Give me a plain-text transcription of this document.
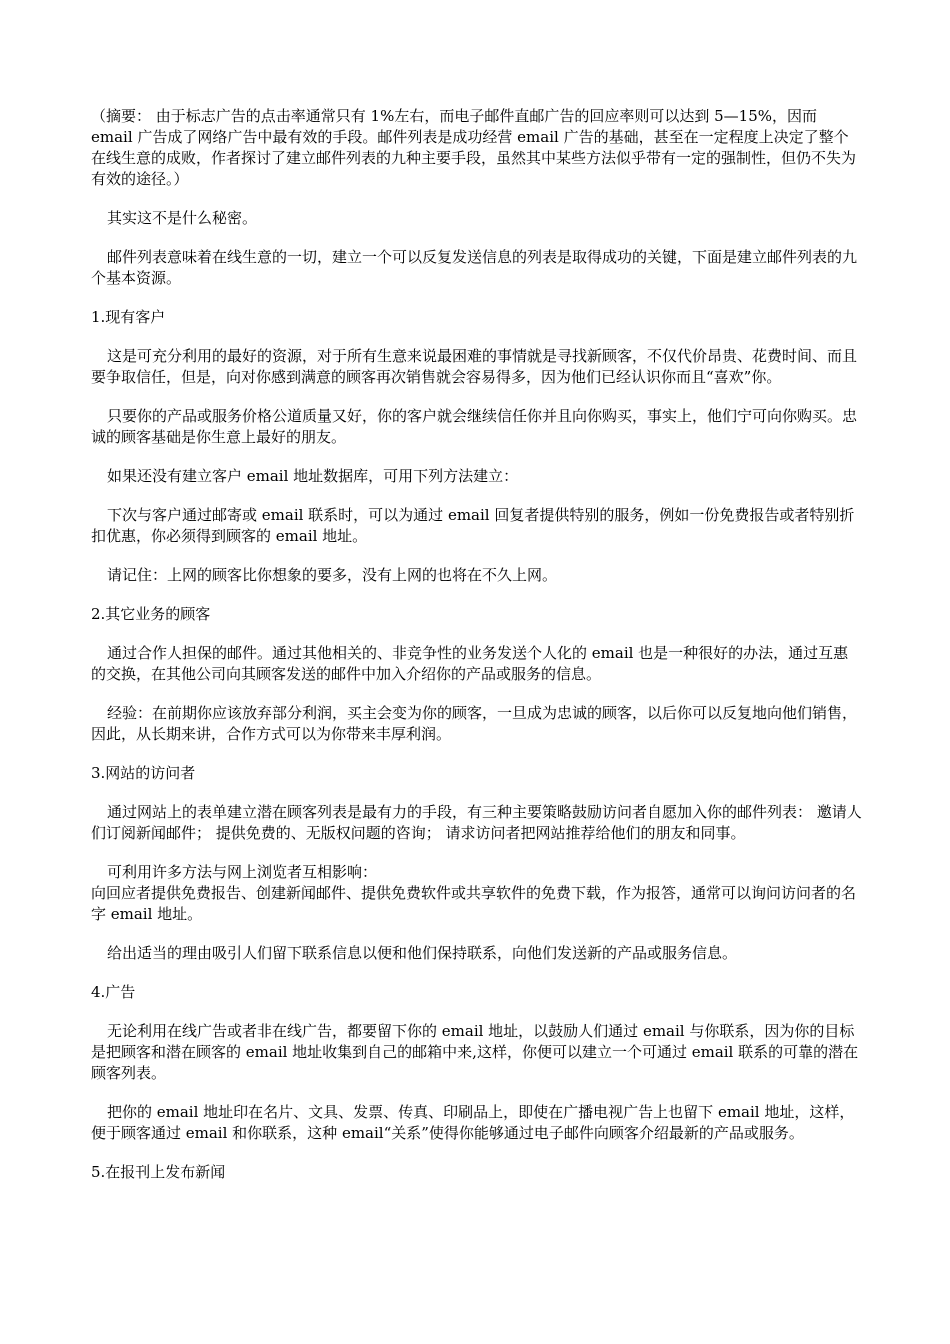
（摘要： 由于标志广告的点击率通常只有 1%左右，而电子邮件直邮广告的回应率则可以达到 5—15%，因而 email 广告成了网络广告中最有效的手段。邮件列表是成功经营 email 广告的基础，甚至在一定程度上决定了整个在线生意的成败，作者探讨了建立邮件列表的九种主要手段，虽然其中某些方法似乎带有一定的强制性，但仍不失为有效的途径。）

其实这不是什么秘密。

邮件列表意味着在线生意的一切，建立一个可以反复发送信息的列表是取得成功的关键，下面是建立邮件列表的九个基本资源。

1.现有客户

这是可充分利用的最好的资源，对于所有生意来说最困难的事情就是寻找新顾客，不仅代价昂贵、花费时间、而且要争取信任，但是，向对你感到满意的顾客再次销售就会容易得多，因为他们已经认识你而且“喜欢”你。

只要你的产品或服务价格公道质量又好，你的客户就会继续信任你并且向你购买，事实上，他们宁可向你购买。忠诚的顾客基础是你生意上最好的朋友。

如果还没有建立客户 email 地址数据库，可用下列方法建立：

下次与客户通过邮寄或 email 联系时，可以为通过 email 回复者提供特别的服务，例如一份免费报告或者特别折扣优惠，你必须得到顾客的 email 地址。

请记住：上网的顾客比你想象的要多，没有上网的也将在不久上网。

2.其它业务的顾客

通过合作人担保的邮件。通过其他相关的、非竞争性的业务发送个人化的 email 也是一种很好的办法，通过互惠的交换，在其他公司向其顾客发送的邮件中加入介绍你的产品或服务的信息。

经验：在前期你应该放弃部分利润，买主会变为你的顾客，一旦成为忠诚的顾客，以后你可以反复地向他们销售，因此，从长期来讲，合作方式可以为你带来丰厚利润。

3.网站的访问者

通过网站上的表单建立潜在顾客列表是最有力的手段，有三种主要策略鼓励访问者自愿加入你的邮件列表： 邀请人们订阅新闻邮件； 提供免费的、无版权问题的咨询； 请求访问者把网站推荐给他们的朋友和同事。

可利用许多方法与网上浏览者互相影响：

向回应者提供免费报告、创建新闻邮件、提供免费软件或共享软件的免费下载，作为报答，通常可以询问访问者的名字 email 地址。

给出适当的理由吸引人们留下联系信息以便和他们保持联系，向他们发送新的产品或服务信息。

4.广告

无论利用在线广告或者非在线广告，都要留下你的 email 地址，以鼓励人们通过 email 与你联系，因为你的目标是把顾客和潜在顾客的 email 地址收集到自己的邮箱中来,这样，你便可以建立一个可通过 email 联系的可靠的潜在顾客列表。

把你的 email 地址印在名片、文具、发票、传真、印刷品上，即使在广播电视广告上也留下 email 地址，这样，便于顾客通过 email 和你联系，这种 email“关系”使得你能够通过电子邮件向顾客介绍最新的产品或服务。

5.在报刊上发布新闻
